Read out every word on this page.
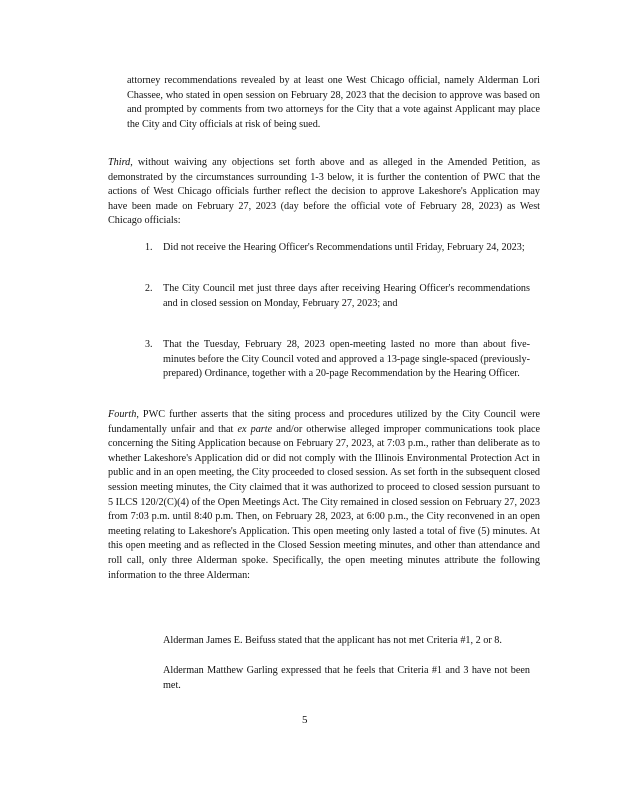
attorney recommendations revealed by at least one West Chicago official, namely Alderman Lori Chassee, who stated in open session on February 28, 2023 that the decision to approve was based on and prompted by comments from two attorneys for the City that a vote against Applicant may place the City and City officials at risk of being sued.
Third, without waiving any objections set forth above and as alleged in the Amended Petition, as demonstrated by the circumstances surrounding 1-3 below, it is further the contention of PWC that the actions of West Chicago officials further reflect the decision to approve Lakeshore's Application may have been made on February 27, 2023 (day before the official vote of February 28, 2023) as West Chicago officials:
1. Did not receive the Hearing Officer's Recommendations until Friday, February 24, 2023;
2. The City Council met just three days after receiving Hearing Officer's recommendations and in closed session on Monday, February 27, 2023; and
3. That the Tuesday, February 28, 2023 open-meeting lasted no more than about five-minutes before the City Council voted and approved a 13-page single-spaced (previously-prepared) Ordinance, together with a 20-page Recommendation by the Hearing Officer.
Fourth, PWC further asserts that the siting process and procedures utilized by the City Council were fundamentally unfair and that ex parte and/or otherwise alleged improper communications took place concerning the Siting Application because on February 27, 2023, at 7:03 p.m., rather than deliberate as to whether Lakeshore's Application did or did not comply with the Illinois Environmental Protection Act in public and in an open meeting, the City proceeded to closed session. As set forth in the subsequent closed session meeting minutes, the City claimed that it was authorized to proceed to closed session pursuant to 5 ILCS 120/2(C)(4) of the Open Meetings Act. The City remained in closed session on February 27, 2023 from 7:03 p.m. until 8:40 p.m. Then, on February 28, 2023, at 6:00 p.m., the City reconvened in an open meeting relating to Lakeshore's Application. This open meeting only lasted a total of five (5) minutes. At this open meeting and as reflected in the Closed Session meeting minutes, and other than attendance and roll call, only three Alderman spoke. Specifically, the open meeting minutes attribute the following information to the three Alderman:
Alderman James E. Beifuss stated that the applicant has not met Criteria #1, 2 or 8.
Alderman Matthew Garling expressed that he feels that Criteria #1 and 3 have not been met.
5
